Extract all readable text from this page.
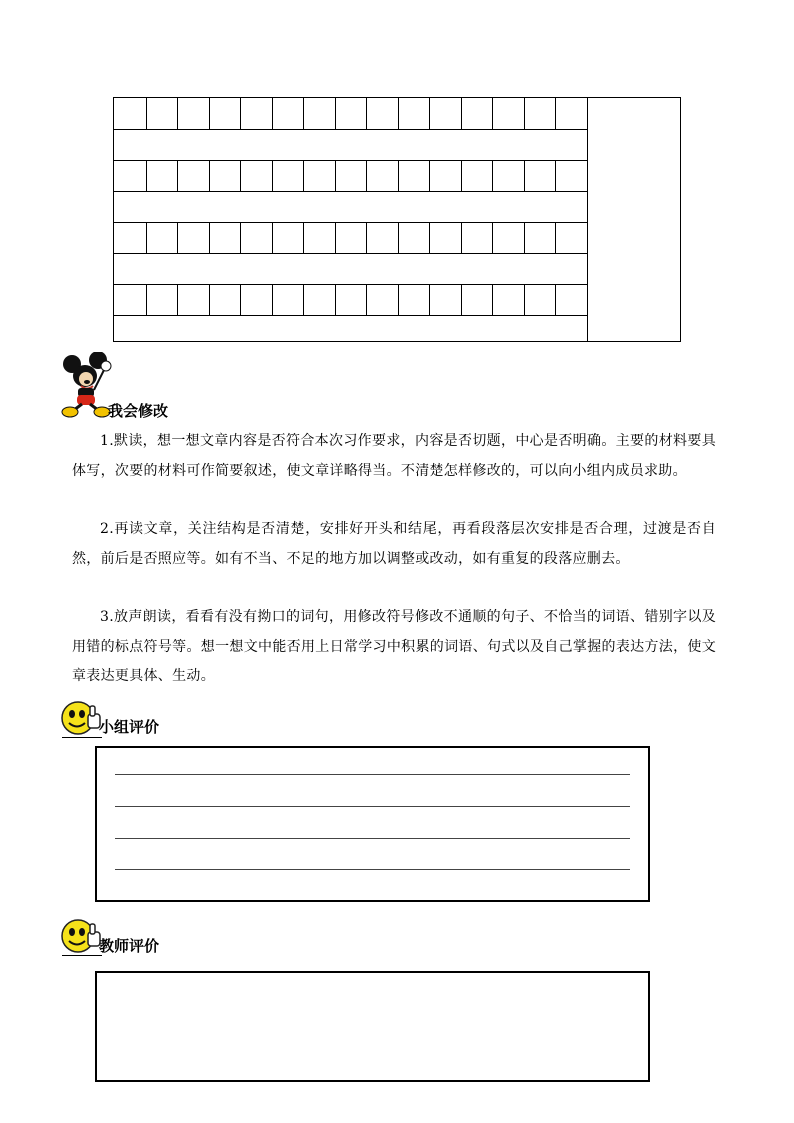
我会修改
1.默读，想一想文章内容是否符合本次习作要求，内容是否切题，中心是否明确。主要的材料要具体写，次要的材料可作简要叙述，使文章详略得当。不清楚怎样修改的，可以向小组内成员求助。
2.再读文章，关注结构是否清楚，安排好开头和结尾，再看段落层次安排是否合理，过渡是否自然，前后是否照应等。如有不当、不足的地方加以调整或改动，如有重复的段落应删去。
3.放声朗读，看看有没有拗口的词句，用修改符号修改不通顺的句子、不恰当的词语、错别字以及用错的标点符号等。想一想文中能否用上日常学习中积累的词语、句式以及自己掌握的表达方法，使文章表达更具体、生动。
小组评价
教师评价
